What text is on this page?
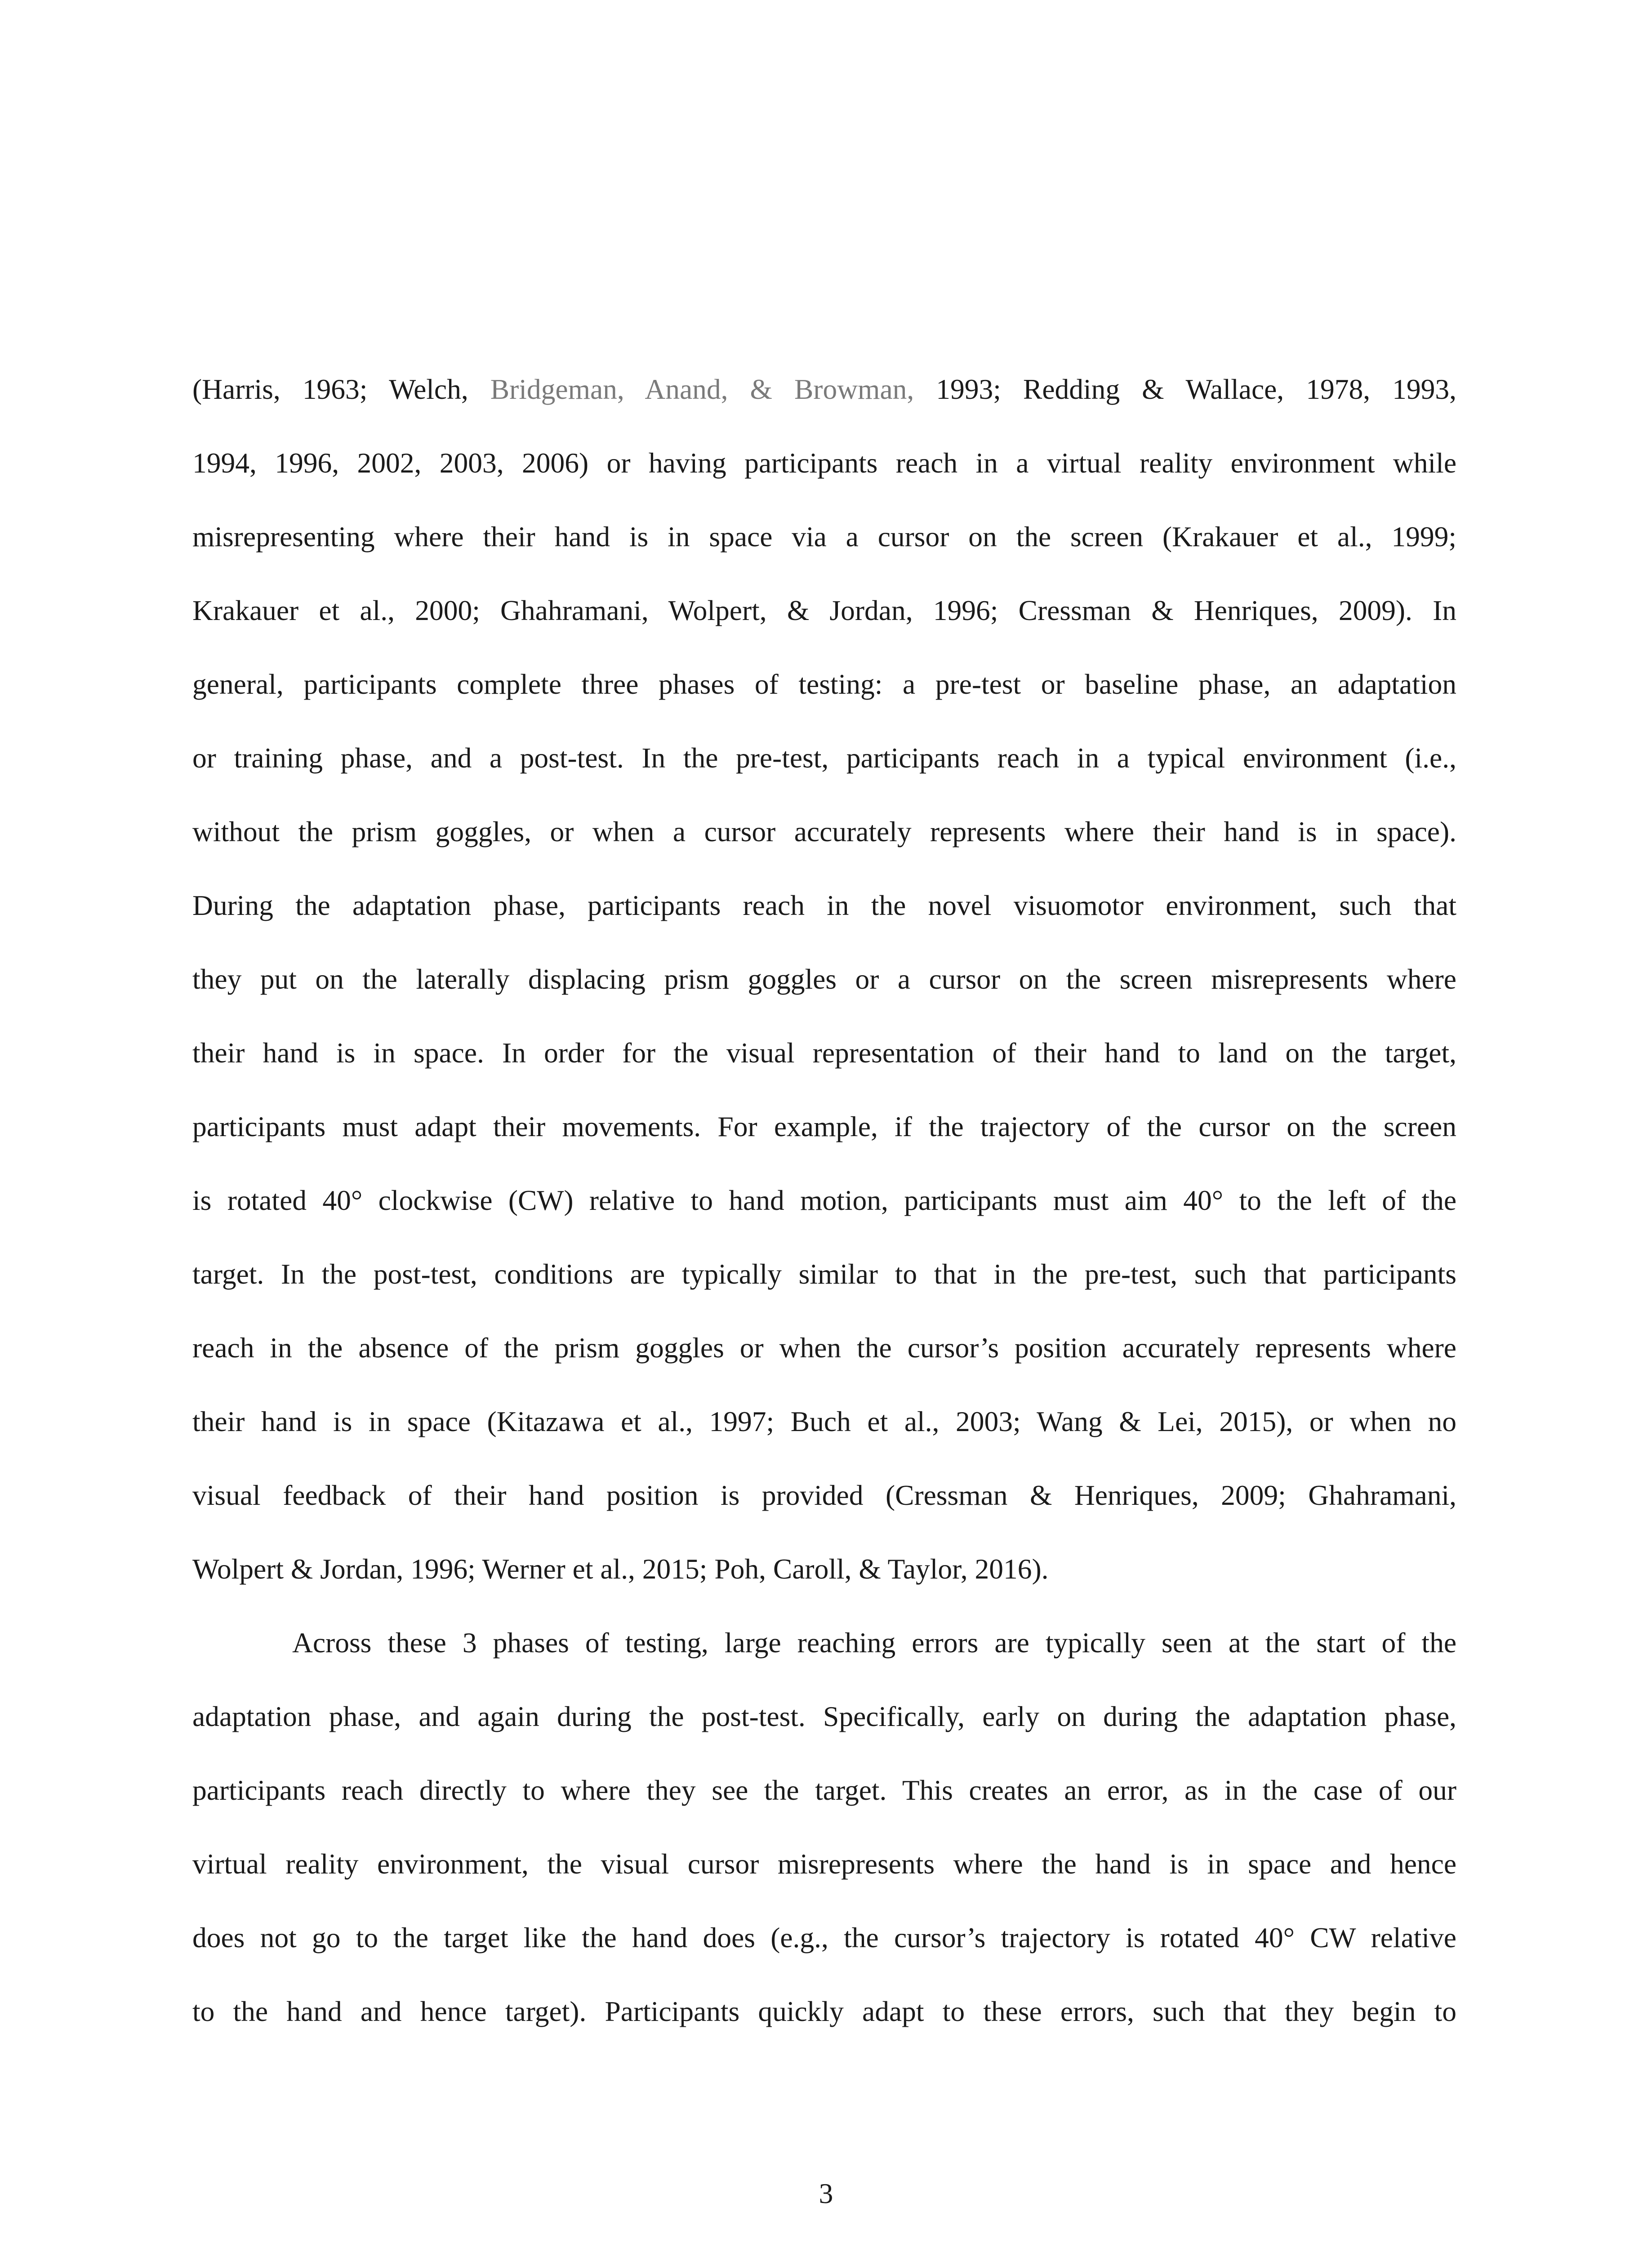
(Harris, 1963; Welch, Bridgeman, Anand, & Browman, 1993; Redding & Wallace, 1978, 1993,
1994, 1996, 2002, 2003, 2006) or having participants reach in a virtual reality environment while
misrepresenting where their hand is in space via a cursor on the screen (Krakauer et al., 1999;
Krakauer et al., 2000; Ghahramani, Wolpert, & Jordan, 1996; Cressman & Henriques, 2009). In
general, participants complete three phases of testing: a pre-test or baseline phase, an adaptation
or training phase, and a post-test. In the pre-test, participants reach in a typical environment (i.e.,
without the prism goggles, or when a cursor accurately represents where their hand is in space).
During the adaptation phase, participants reach in the novel visuomotor environment, such that
they put on the laterally displacing prism goggles or a cursor on the screen misrepresents where
their hand is in space. In order for the visual representation of their hand to land on the target,
participants must adapt their movements. For example, if the trajectory of the cursor on the screen
is rotated 40° clockwise (CW) relative to hand motion, participants must aim 40° to the left of the
target. In the post-test, conditions are typically similar to that in the pre-test, such that participants
reach in the absence of the prism goggles or when the cursor’s position accurately represents where
their hand is in space (Kitazawa et al., 1997; Buch et al., 2003; Wang & Lei, 2015), or when no
visual feedback of their hand position is provided (Cressman & Henriques, 2009; Ghahramani,
Wolpert & Jordan, 1996; Werner et al., 2015; Poh, Caroll, & Taylor, 2016).
Across these 3 phases of testing, large reaching errors are typically seen at the start of the
adaptation phase, and again during the post-test. Specifically, early on during the adaptation phase,
participants reach directly to where they see the target. This creates an error, as in the case of our
virtual reality environment, the visual cursor misrepresents where the hand is in space and hence
does not go to the target like the hand does (e.g., the cursor’s trajectory is rotated 40° CW relative
to the hand and hence target). Participants quickly adapt to these errors, such that they begin to
3
